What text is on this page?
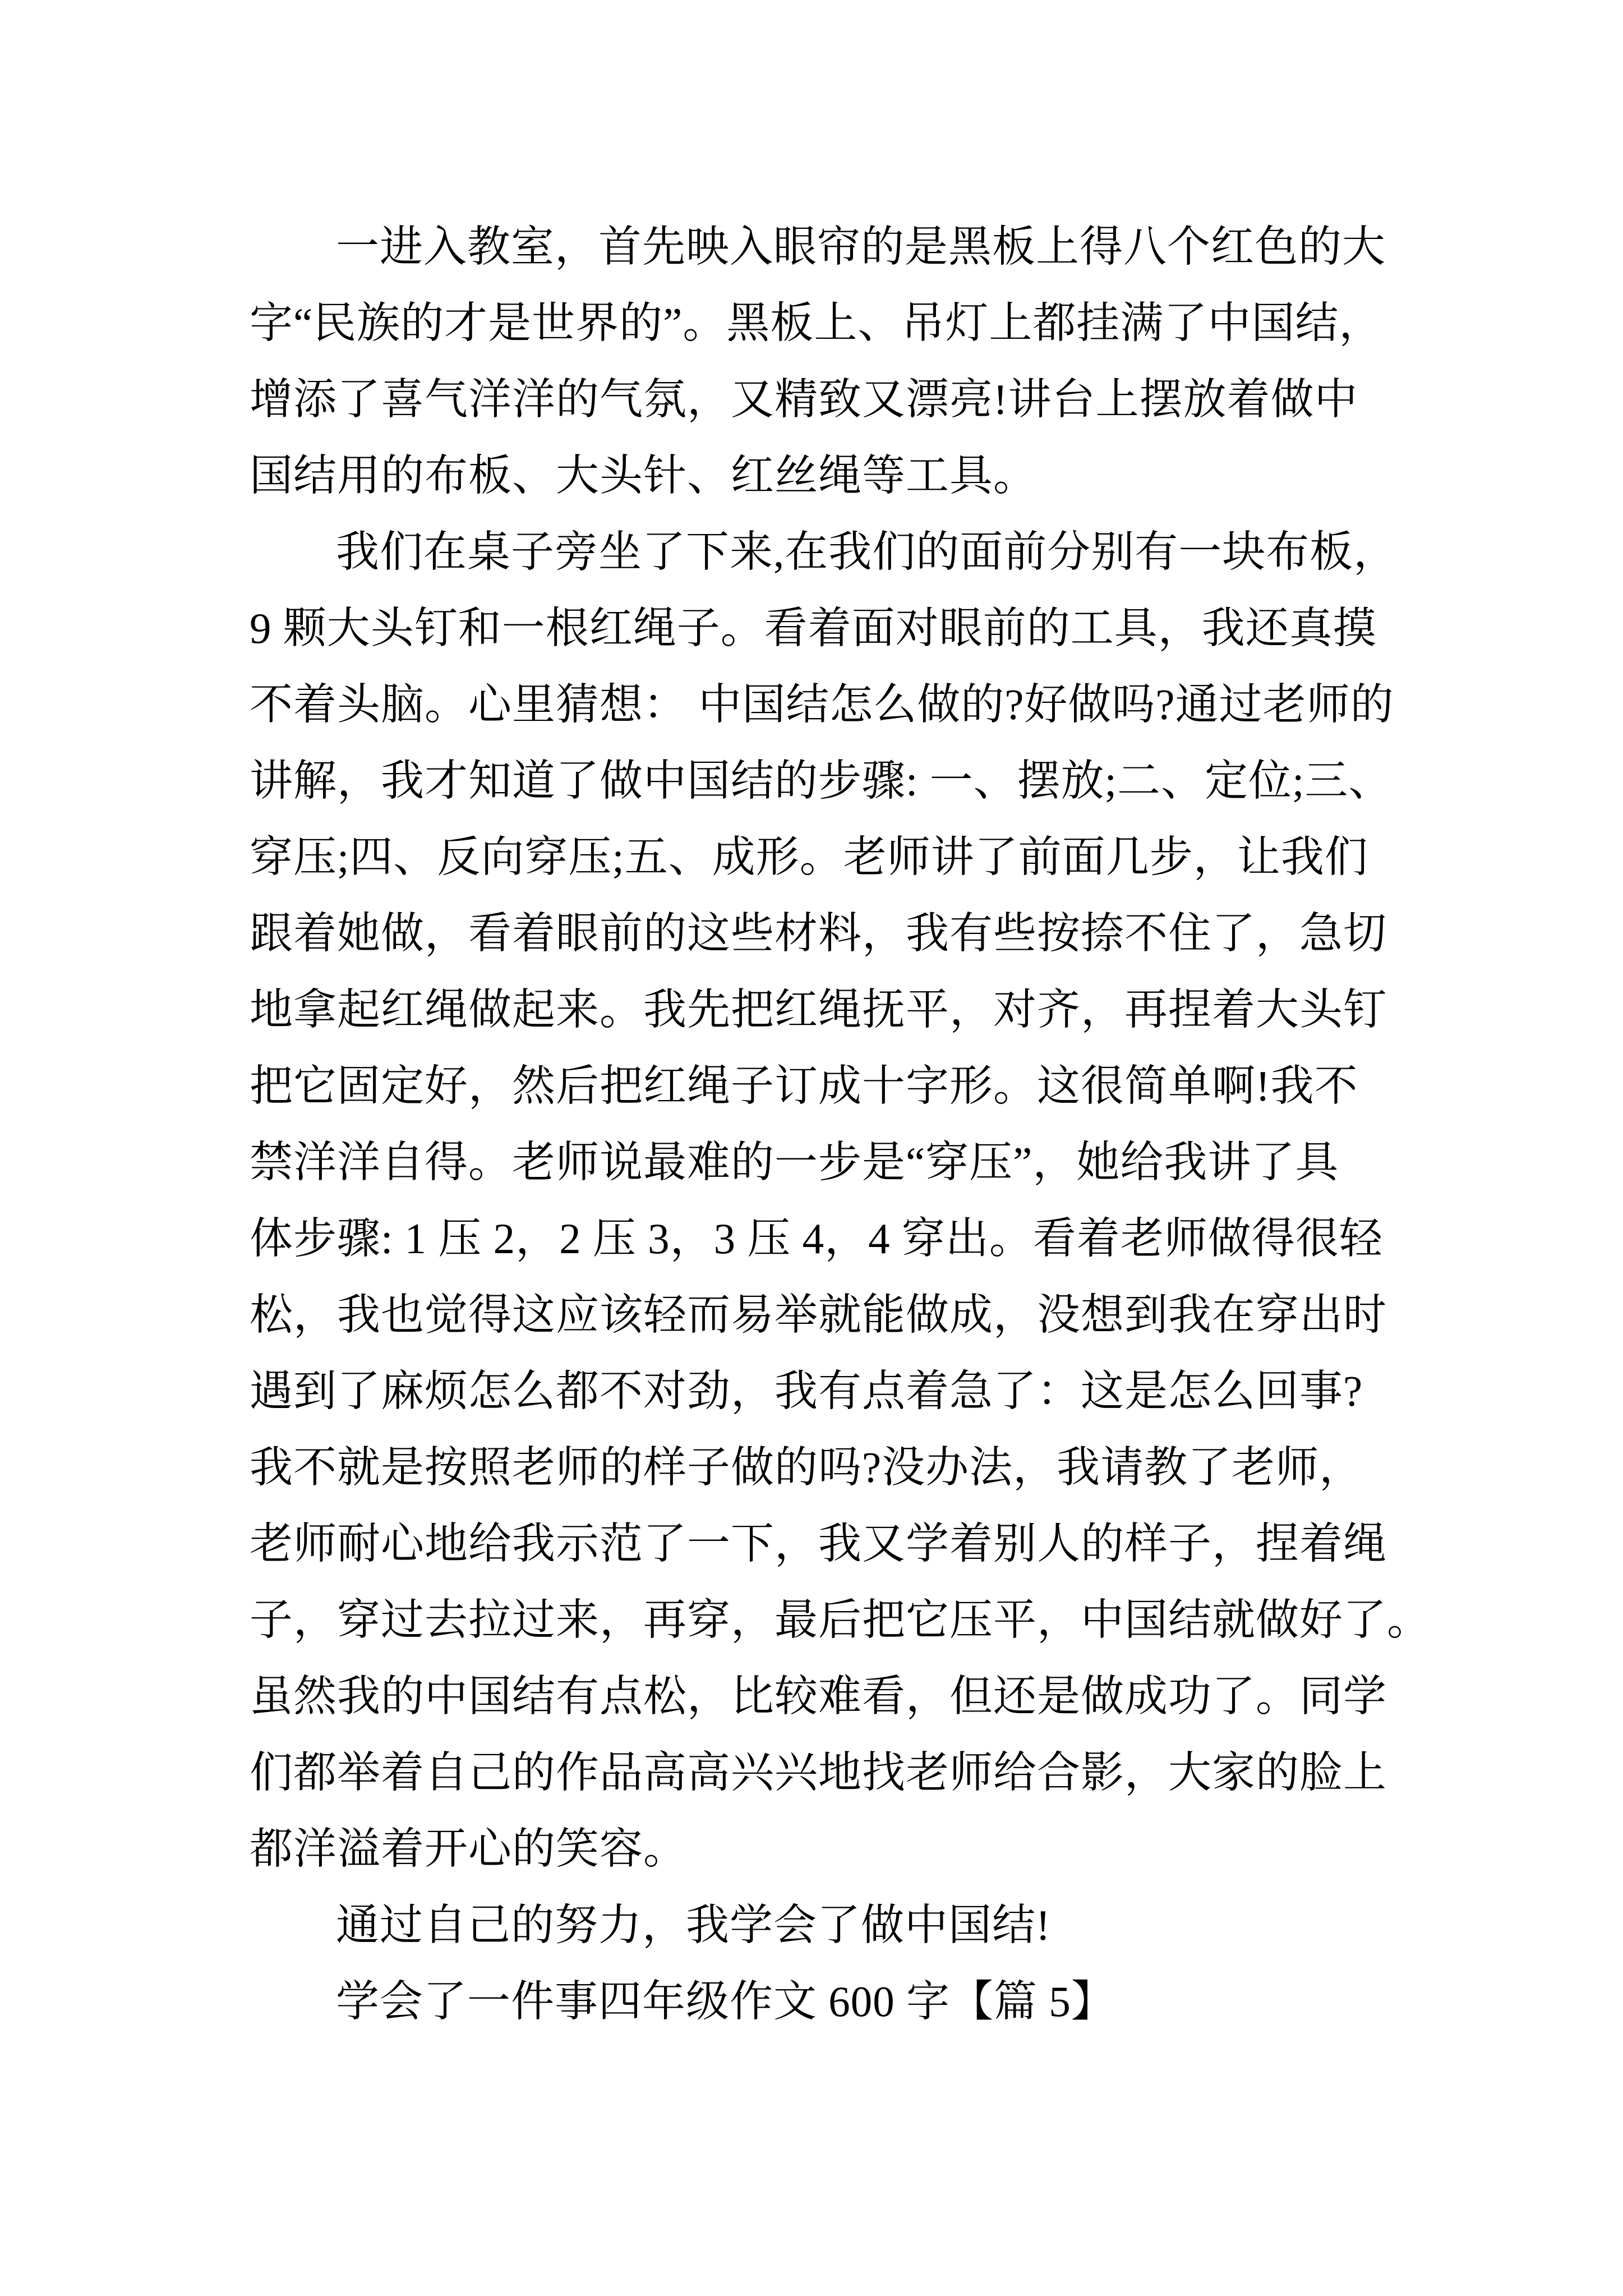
一进入教室，首先映入眼帘的是黑板上得八个红色的大
字“民族的才是世界的”。黑板上、吊灯上都挂满了中国结，
增添了喜气洋洋的气氛，又精致又漂亮!讲台上摆放着做中
国结用的布板、大头针、红丝绳等工具。
我们在桌子旁坐了下来,在我们的面前分别有一块布板，
9 颗大头钉和一根红绳子。看着面对眼前的工具，我还真摸
不着头脑。心里猜想： 中国结怎么做的?好做吗?通过老师的
讲解，我才知道了做中国结的步骤: 一、摆放;二、定位;三、
穿压;四、反向穿压;五、成形。老师讲了前面几步，让我们
跟着她做，看着眼前的这些材料，我有些按捺不住了，急切
地拿起红绳做起来。我先把红绳抚平，对齐，再捏着大头钉
把它固定好，然后把红绳子订成十字形。这很简单啊!我不
禁洋洋自得。老师说最难的一步是“穿压”，她给我讲了具
体步骤: 1 压 2，2 压 3，3 压 4，4 穿出。看着老师做得很轻
松，我也觉得这应该轻而易举就能做成，没想到我在穿出时
遇到了麻烦怎么都不对劲，我有点着急了：这是怎么回事?
我不就是按照老师的样子做的吗?没办法，我请教了老师，
老师耐心地给我示范了一下，我又学着别人的样子，捏着绳
子，穿过去拉过来，再穿，最后把它压平，中国结就做好了。
虽然我的中国结有点松，比较难看，但还是做成功了。同学
们都举着自己的作品高高兴兴地找老师给合影，大家的脸上
都洋溢着开心的笑容。
通过自己的努力，我学会了做中国结!
学会了一件事四年级作文 600 字【篇 5】
